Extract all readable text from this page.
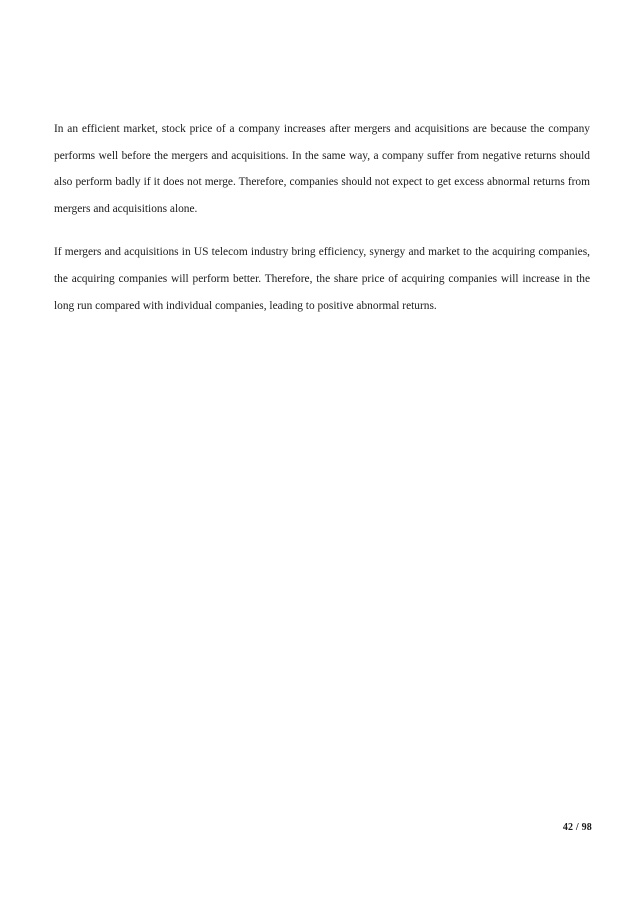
In an efficient market, stock price of a company increases after mergers and acquisitions are because the company performs well before the mergers and acquisitions. In the same way, a company suffer from negative returns should also perform badly if it does not merge. Therefore, companies should not expect to get excess abnormal returns from mergers and acquisitions alone.

If mergers and acquisitions in US telecom industry bring efficiency, synergy and market to the acquiring companies, the acquiring companies will perform better. Therefore, the share price of acquiring companies will increase in the long run compared with individual companies, leading to positive abnormal returns.

42 / 98
